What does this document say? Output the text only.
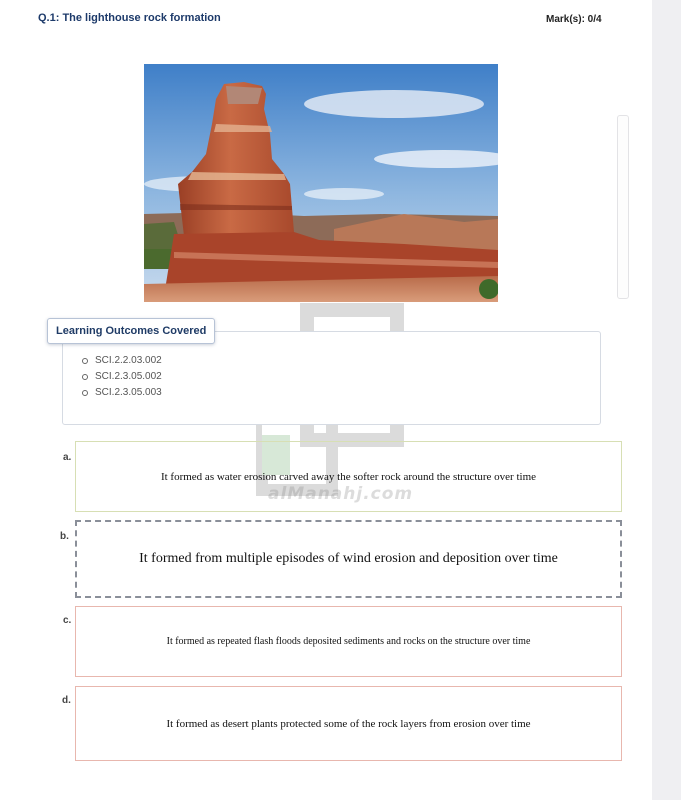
Q.1: The lighthouse rock formation	Mark(s): 0/4
alManahj.com
Learning Outcomes Covered
SCI.2.2.03.002
SCI.2.3.05.002
SCI.2.3.05.003
a.
It formed as water erosion carved away the softer rock around the structure over time
b.
It formed from multiple episodes of wind erosion and deposition over time
c.
It formed as repeated flash floods deposited sediments and rocks on the structure over time
d.
It formed as desert plants protected some of the rock layers from erosion over time
